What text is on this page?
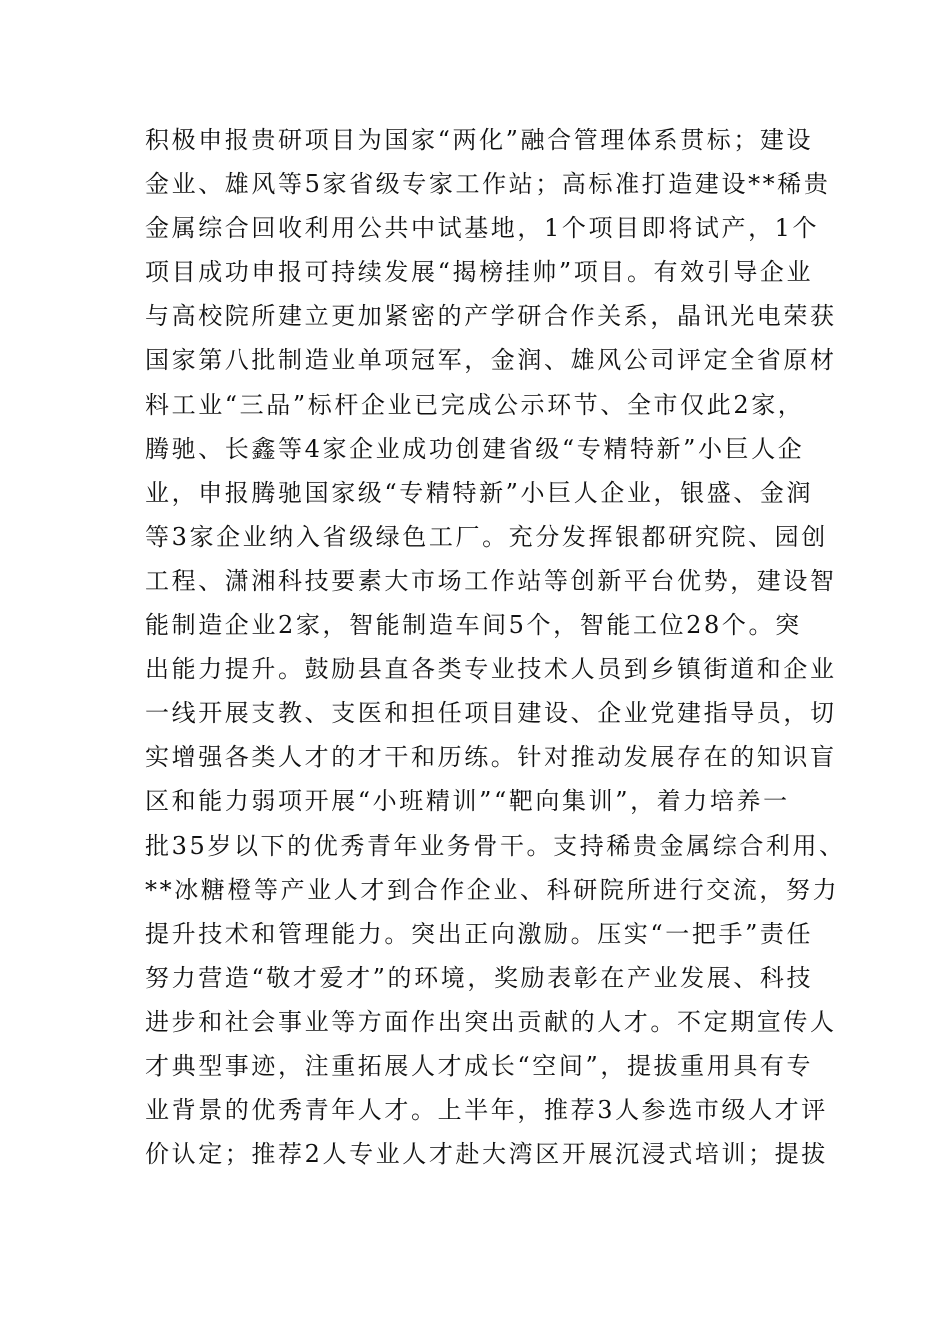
积极申报贵研项目为国家“两化”融合管理体系贯标；建设
金业、雄风等5家省级专家工作站；高标准打造建设**稀贵
金属综合回收利用公共中试基地，1个项目即将试产，1个
项目成功申报可持续发展“揭榜挂帅”项目。有效引导企业
与高校院所建立更加紧密的产学研合作关系，晶讯光电荣获
国家第八批制造业单项冠军，金润、雄风公司评定全省原材
料工业“三品”标杆企业已完成公示环节、全市仅此2家，
腾驰、长鑫等4家企业成功创建省级“专精特新”小巨人企
业，申报腾驰国家级“专精特新”小巨人企业，银盛、金润
等3家企业纳入省级绿色工厂。充分发挥银都研究院、园创
工程、潇湘科技要素大市场工作站等创新平台优势，建设智
能制造企业2家，智能制造车间5个，智能工位28个。突
出能力提升。鼓励县直各类专业技术人员到乡镇街道和企业
一线开展支教、支医和担任项目建设、企业党建指导员，切
实增强各类人才的才干和历练。针对推动发展存在的知识盲
区和能力弱项开展“小班精训”“靶向集训”，着力培养一
批35岁以下的优秀青年业务骨干。支持稀贵金属综合利用、
**冰糖橙等产业人才到合作企业、科研院所进行交流，努力
提升技术和管理能力。突出正向激励。压实“一把手”责任
努力营造“敬才爱才”的环境，奖励表彰在产业发展、科技
进步和社会事业等方面作出突出贡献的人才。不定期宣传人
才典型事迹，注重拓展人才成长“空间”，提拔重用具有专
业背景的优秀青年人才。上半年，推荐3人参选市级人才评
价认定；推荐2人专业人才赴大湾区开展沉浸式培训；提拔
